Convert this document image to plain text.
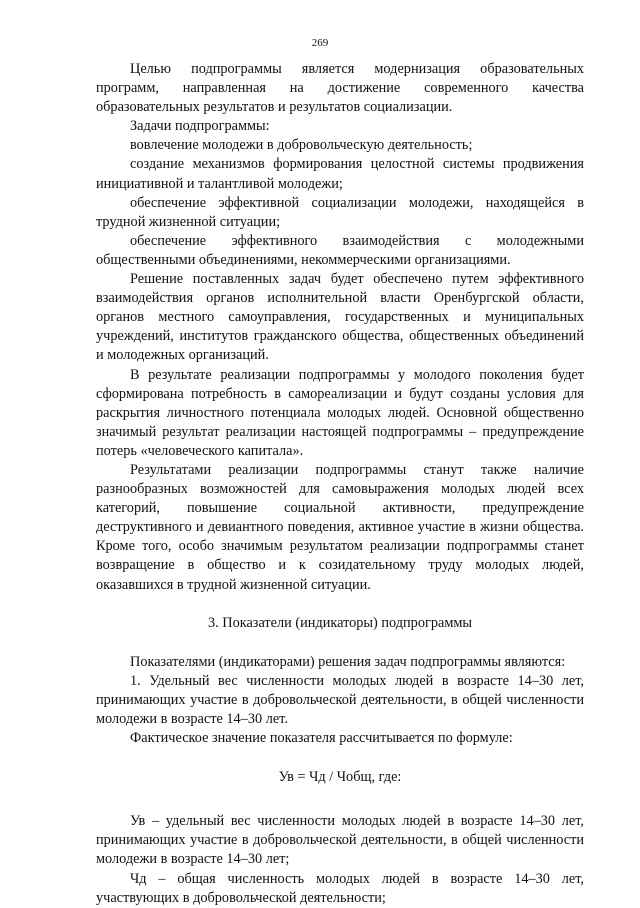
269

Целью подпрограммы является модернизация образовательных программ, направленная на достижение современного качества образовательных результатов и результатов социализации.

Задачи подпрограммы:

вовлечение молодежи в добровольческую деятельность;

создание механизмов формирования целостной системы продвижения инициативной и талантливой молодежи;

обеспечение эффективной социализации молодежи, находящейся в трудной жизненной ситуации;

обеспечение эффективного взаимодействия с молодежными общественными объединениями, некоммерческими организациями.

Решение поставленных задач будет обеспечено путем эффективного взаимодействия органов исполнительной власти Оренбургской области, органов местного самоуправления, государственных и муниципальных учреждений, институтов гражданского общества, общественных объединений и молодежных организаций.

В результате реализации подпрограммы у молодого поколения будет сформирована потребность в самореализации и будут созданы условия для раскрытия личностного потенциала молодых людей. Основной общественно значимый результат реализации настоящей подпрограммы – предупреждение потерь «человеческого капитала».

Результатами реализации подпрограммы станут также наличие разнообразных возможностей для самовыражения молодых людей всех категорий, повышение социальной активности, предупреждение деструктивного и девиантного поведения, активное участие в жизни общества. Кроме того, особо значимым результатом реализации подпрограммы станет возвращение в общество и к созидательному труду молодых людей, оказавшихся в трудной жизненной ситуации.

3. Показатели (индикаторы) подпрограммы

Показателями (индикаторами) решения задач подпрограммы являются:

1. Удельный вес численности молодых людей в возрасте 14–30 лет, принимающих участие в добровольческой деятельности, в общей численности молодежи в возрасте 14–30 лет.

Фактическое значение показателя рассчитывается по формуле:

Ув = Чд / Чобщ, где:

Ув – удельный вес численности молодых людей в возрасте 14–30 лет, принимающих участие в добровольческой деятельности, в общей численности молодежи в возрасте 14–30 лет;

Чд – общая численность молодых людей в возрасте 14–30 лет, участвующих в добровольческой деятельности;
